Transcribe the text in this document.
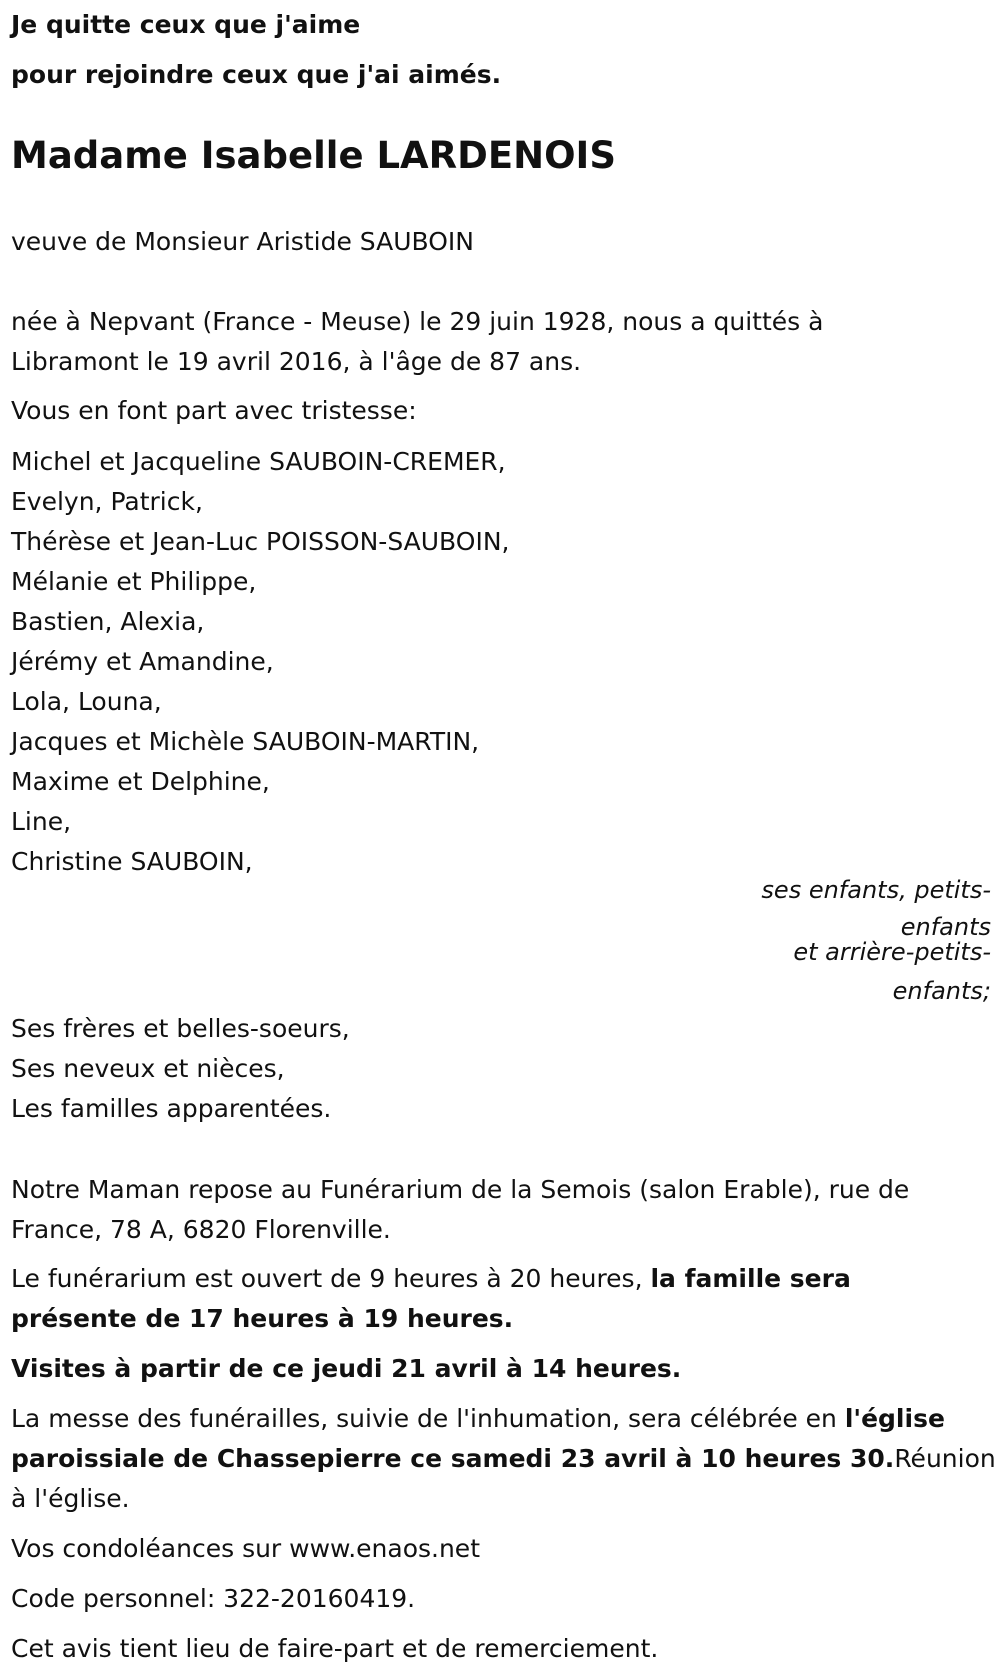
Je quitte ceux que j'aime
pour rejoindre ceux que j'ai aimés.
Madame Isabelle LARDENOIS
veuve de Monsieur Aristide SAUBOIN
née à Nepvant (France - Meuse) le 29 juin 1928, nous a quittés à
Libramont le 19 avril 2016, à l'âge de 87 ans.
Vous en font part avec tristesse:
Michel et Jacqueline SAUBOIN-CREMER,
Evelyn, Patrick,
Thérèse et Jean-Luc POISSON-SAUBOIN,
Mélanie et Philippe,
Bastien, Alexia,
Jérémy et Amandine,
Lola, Louna,
Jacques et Michèle SAUBOIN-MARTIN,
Maxime et Delphine,
Line,
Christine SAUBOIN,
ses enfants, petits-
enfants
et arrière-petits-
enfants;
Ses frères et belles-soeurs,
Ses neveux et nièces,
Les familles apparentées.
Notre Maman repose au Funérarium de la Semois (salon Erable), rue de
France, 78 A, 6820 Florenville.
Le funérarium est ouvert de 9 heures à 20 heures, la famille sera
présente de 17 heures à 19 heures.
Visites à partir de ce jeudi 21 avril à 14 heures.
La messe des funérailles, suivie de l'inhumation, sera célébrée en l'église
paroissiale de Chassepierre ce samedi 23 avril à 10 heures 30.Réunion
à l'église.
Vos condoléances sur www.enaos.net
Code personnel: 322-20160419.
Cet avis tient lieu de faire-part et de remerciement.
